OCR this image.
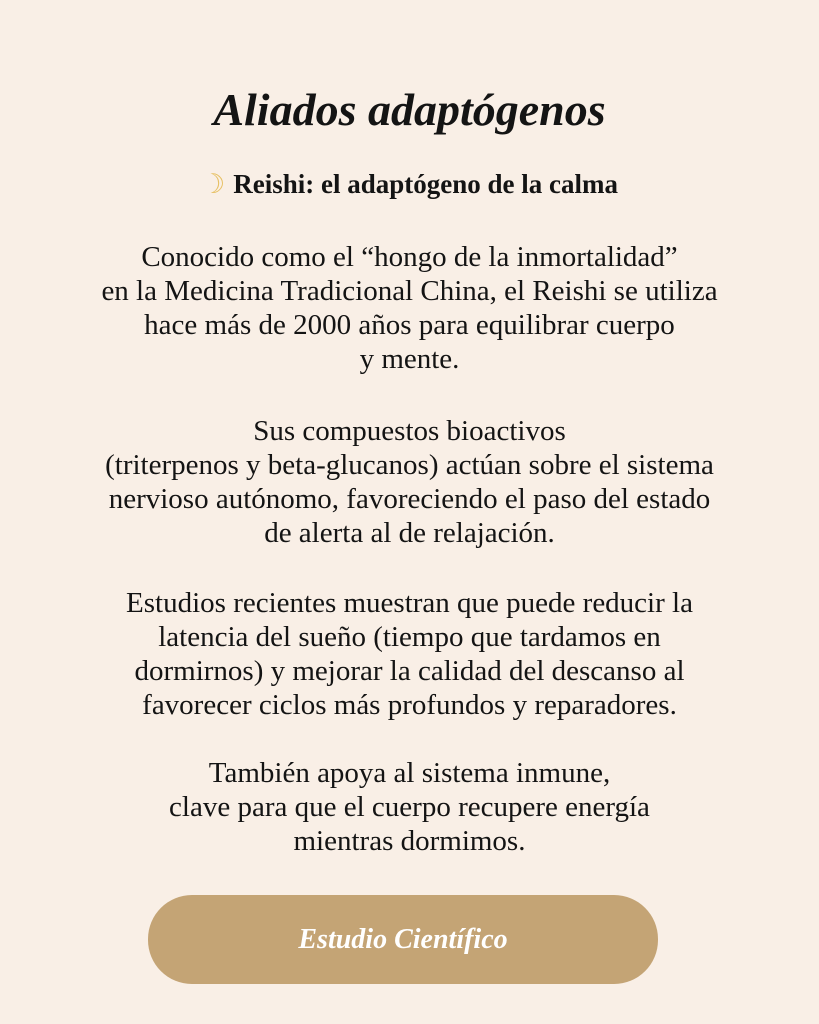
Aliados adaptógenos
☽ Reishi: el adaptógeno de la calma

Conocido como el “hongo de la inmortalidad”
en la Medicina Tradicional China, el Reishi se utiliza
hace más de 2000 años para equilibrar cuerpo
y mente.

Sus compuestos bioactivos
(triterpenos y beta-glucanos) actúan sobre el sistema
nervioso autónomo, favoreciendo el paso del estado
de alerta al de relajación.

Estudios recientes muestran que puede reducir la
latencia del sueño (tiempo que tardamos en
dormirnos) y mejorar la calidad del descanso al
favorecer ciclos más profundos y reparadores.

También apoya al sistema inmune,
clave para que el cuerpo recupere energía
mientras dormimos.

Estudio Científico
